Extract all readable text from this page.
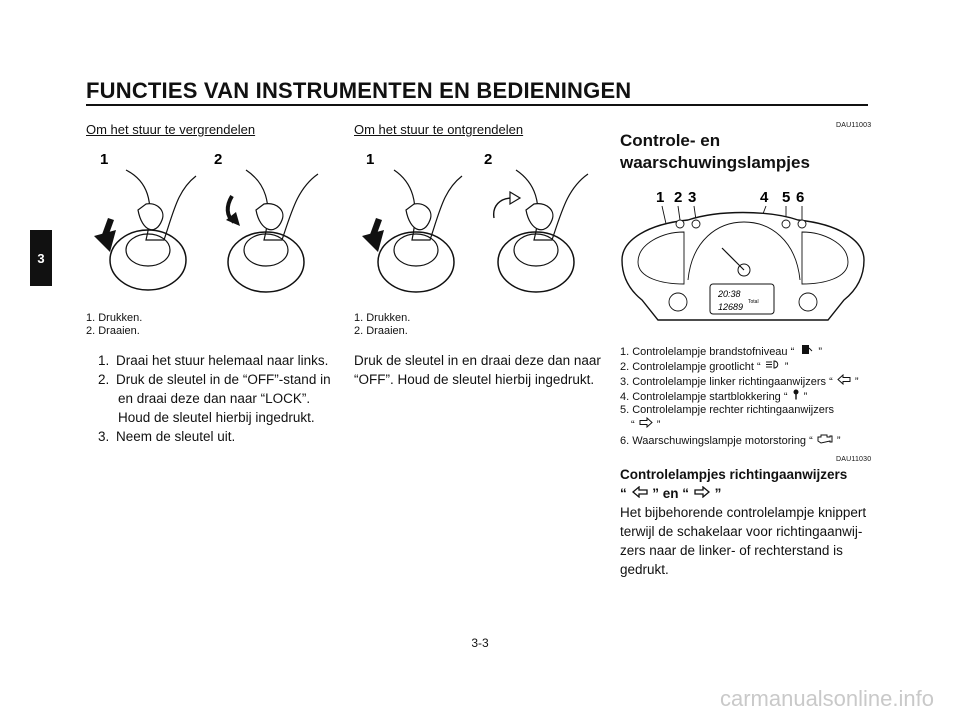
FUNCTIES VAN INSTRUMENTEN EN BEDIENINGEN
3
Om het stuur te vergrendelen
1	2
1. Drukken.
2. Draaien.
1. Draai het stuur helemaal naar links.
2. Druk de sleutel in de “OFF”-stand in
en draai deze dan naar “LOCK”.
Houd de sleutel hierbij ingedrukt.
3. Neem de sleutel uit.
Om het stuur te ontgrendelen
1	2
1. Drukken.
2. Draaien.
Druk de sleutel in en draai deze dan naar
“OFF”. Houd de sleutel hierbij ingedrukt.
DAU11003
Controle- en
waarschuwingslampjes
1 2 3	4 5 6
20:38
12689 Total
1. Controlelampje brandstofniveau “ ”
2. Controlelampje grootlicht “ ”
3. Controlelampje linker richtingaanwijzers “ ”
4. Controlelampje startblokkering “ ”
5. Controlelampje rechter richtingaanwijzers
“ ”
6. Waarschuwingslampje motorstoring “ ”
DAU11030
Controlelampjes richtingaanwijzers
“ ” en “ ”
Het bijbehorende controlelampje knippert
terwijl de schakelaar voor richtingaanwij-
zers naar de linker- of rechterstand is
gedrukt.
3-3
carmanualsonline.info
